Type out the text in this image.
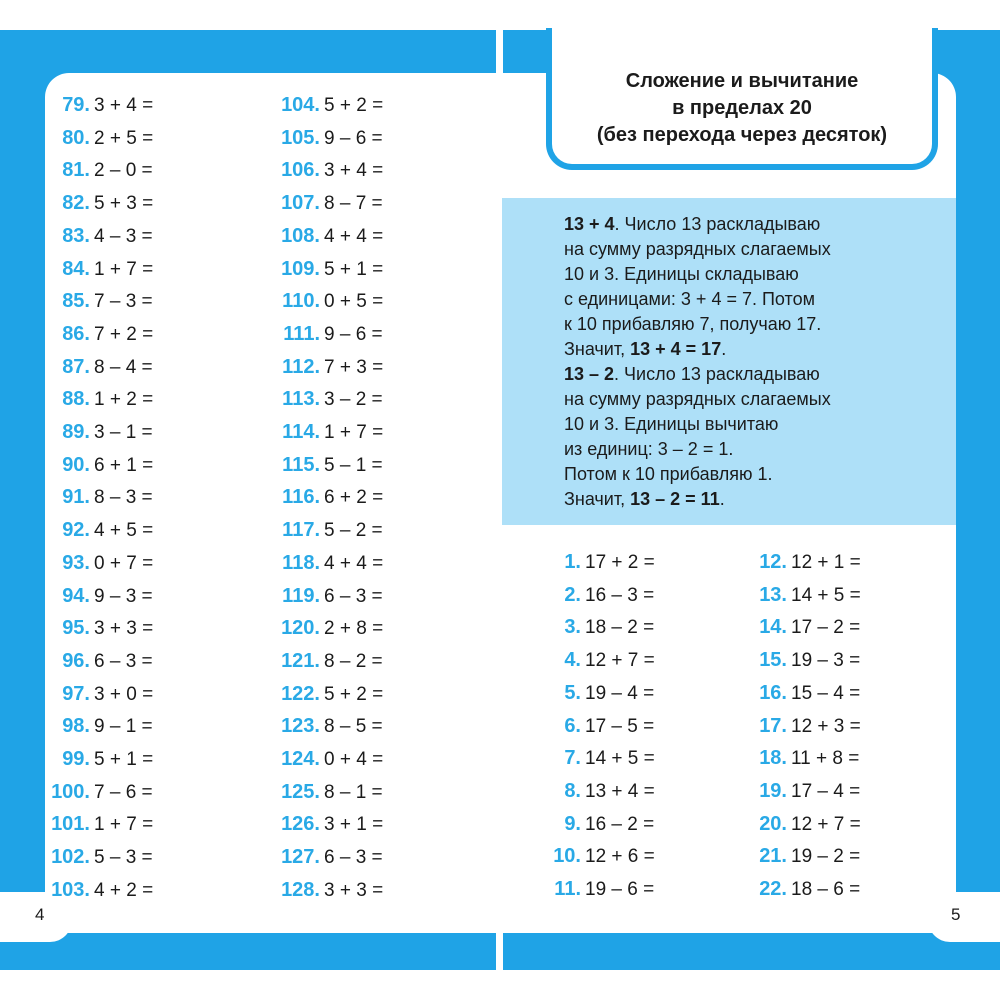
4	5
Сложение и вычитание
в пределах 20
(без перехода через десяток)
13 + 4. Число 13 раскладываю
на сумму разрядных слагаемых
10 и 3. Единицы складываю
с единицами: 3 + 4 = 7. Потом
к 10 прибавляю 7, получаю 17.
Значит, 13 + 4 = 17.
13 – 2. Число 13 раскладываю
на сумму разрядных слагаемых
10 и 3. Единицы вычитаю
из единиц: 3 – 2 = 1.
Потом к 10 прибавляю 1.
Значит, 13 – 2 = 11.
79. 3 + 4 =
80. 2 + 5 =
81. 2 – 0 =
82. 5 + 3 =
83. 4 – 3 =
84. 1 + 7 =
85. 7 – 3 =
86. 7 + 2 =
87. 8 – 4 =
88. 1 + 2 =
89. 3 – 1 =
90. 6 + 1 =
91. 8 – 3 =
92. 4 + 5 =
93. 0 + 7 =
94. 9 – 3 =
95. 3 + 3 =
96. 6 – 3 =
97. 3 + 0 =
98. 9 – 1 =
99. 5 + 1 =
100. 7 – 6 =
101. 1 + 7 =
102. 5 – 3 =
103. 4 + 2 =
104. 5 + 2 =
105. 9 – 6 =
106. 3 + 4 =
107. 8 – 7 =
108. 4 + 4 =
109. 5 + 1 =
110. 0 + 5 =
111. 9 – 6 =
112. 7 + 3 =
113. 3 – 2 =
114. 1 + 7 =
115. 5 – 1 =
116. 6 + 2 =
117. 5 – 2 =
118. 4 + 4 =
119. 6 – 3 =
120. 2 + 8 =
121. 8 – 2 =
122. 5 + 2 =
123. 8 – 5 =
124. 0 + 4 =
125. 8 – 1 =
126. 3 + 1 =
127. 6 – 3 =
128. 3 + 3 =
1. 17 + 2 =
2. 16 – 3 =
3. 18 – 2 =
4. 12 + 7 =
5. 19 – 4 =
6. 17 – 5 =
7. 14 + 5 =
8. 13 + 4 =
9. 16 – 2 =
10. 12 + 6 =
11. 19 – 6 =
12. 12 + 1 =
13. 14 + 5 =
14. 17 – 2 =
15. 19 – 3 =
16. 15 – 4 =
17. 12 + 3 =
18. 11 + 8 =
19. 17 – 4 =
20. 12 + 7 =
21. 19 – 2 =
22. 18 – 6 =
